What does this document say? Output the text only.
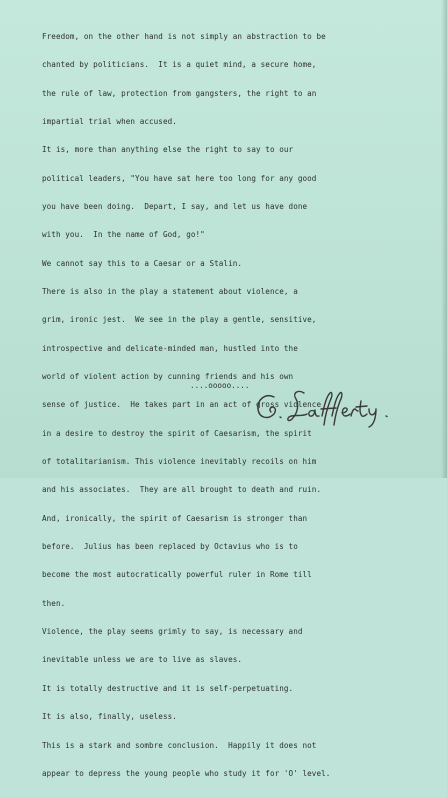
Freedom, on the other hand is not simply an abstraction to be

chanted by politicians.  It is a quiet mind, a secure home,

the rule of law, protection from gangsters, the right to an

impartial trial when accused.

It is, more than anything else the right to say to our

political leaders, "You have sat here too long for any good

you have been doing.  Depart, I say, and let us have done

with you.  In the name of God, go!"

We cannot say this to a Caesar or a Stalin.

There is also in the play a statement about violence, a

grim, ironic jest.  We see in the play a gentle, sensitive,

introspective and delicate-minded man, hustled into the

world of violent action by cunning friends and his own

sense of justice.  He takes part in an act of gross violence

in a desire to destroy the spirit of Caesarism, the spirit

of totalitarianism. This violence inevitably recoils on him

and his associates.  They are all brought to death and ruin.

And, ironically, the spirit of Caesarism is stronger than

before.  Julius has been replaced by Octavius who is to

become the most autocratically powerful ruler in Rome till

then.

Violence, the play seems grimly to say, is necessary and

inevitable unless we are to live as slaves.

It is totally destructive and it is self-perpetuating.

It is also, finally, useless.

This is a stark and sombre conclusion.  Happily it does not

appear to depress the young people who study it for 'O' level.

....ooooo....
